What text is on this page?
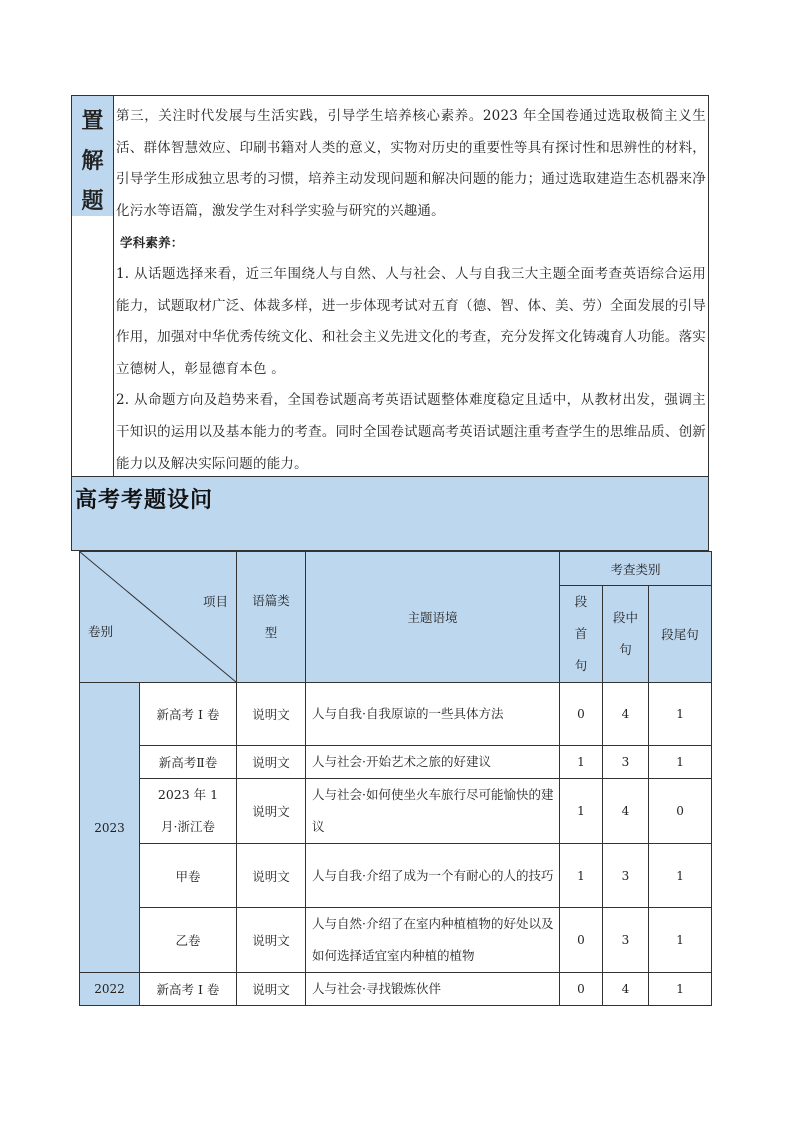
置
解
题

第三，关注时代发展与生活实践，引导学生培养核心素养。2023 年全国卷通过选取极简主义生活、群体智慧效应、印刷书籍对人类的意义，实物对历史的重要性等具有探讨性和思辨性的材料，引导学生形成独立思考的习惯，培养主动发现问题和解决问题的能力；通过选取建造生态机器来净化污水等语篇，激发学生对科学实验与研究的兴趣通。

学科素养：

1. 从话题选择来看，近三年围绕人与自然、人与社会、人与自我三大主题全面考查英语综合运用能力，试题取材广泛、体裁多样，进一步体现考试对五育（德、智、体、美、劳）全面发展的引导作用，加强对中华优秀传统文化、和社会主义先进文化的考查，充分发挥文化铸魂育人功能。落实立德树人，彰显德育本色 。

2. 从命题方向及趋势来看，全国卷试题高考英语试题整体难度稳定且适中，从教材出发，强调主干知识的运用以及基本能力的考查。同时全国卷试题高考英语试题注重考查学生的思维品质、创新能力以及解决实际问题的能力。

高考考题设问
项目
卷别		语篇类型	主题语境	考查类别		

				段首句	段中句	段尾句
2023	新高考 I 卷	说明文	人与自我·自我原谅的一些具体方法	0	4	1
	新高考Ⅱ卷	说明文	人与社会·开始艺术之旅的好建议	1	3	1

	2023 年 1 月·浙江卷	说明文	人与社会·如何使坐火车旅行尽可能愉快的建议	1	4	0
	甲卷	说明文	人与自我·介绍了成为一个有耐心的人的技巧	1	3	1
	乙卷	说明文	人与自然·介绍了在室内种植植物的好处以及如何选择适宜室内种植的植物	0	3	1
2022	新高考 I 卷	说明文	人与社会·寻找锻炼伙伴	0	4	1
